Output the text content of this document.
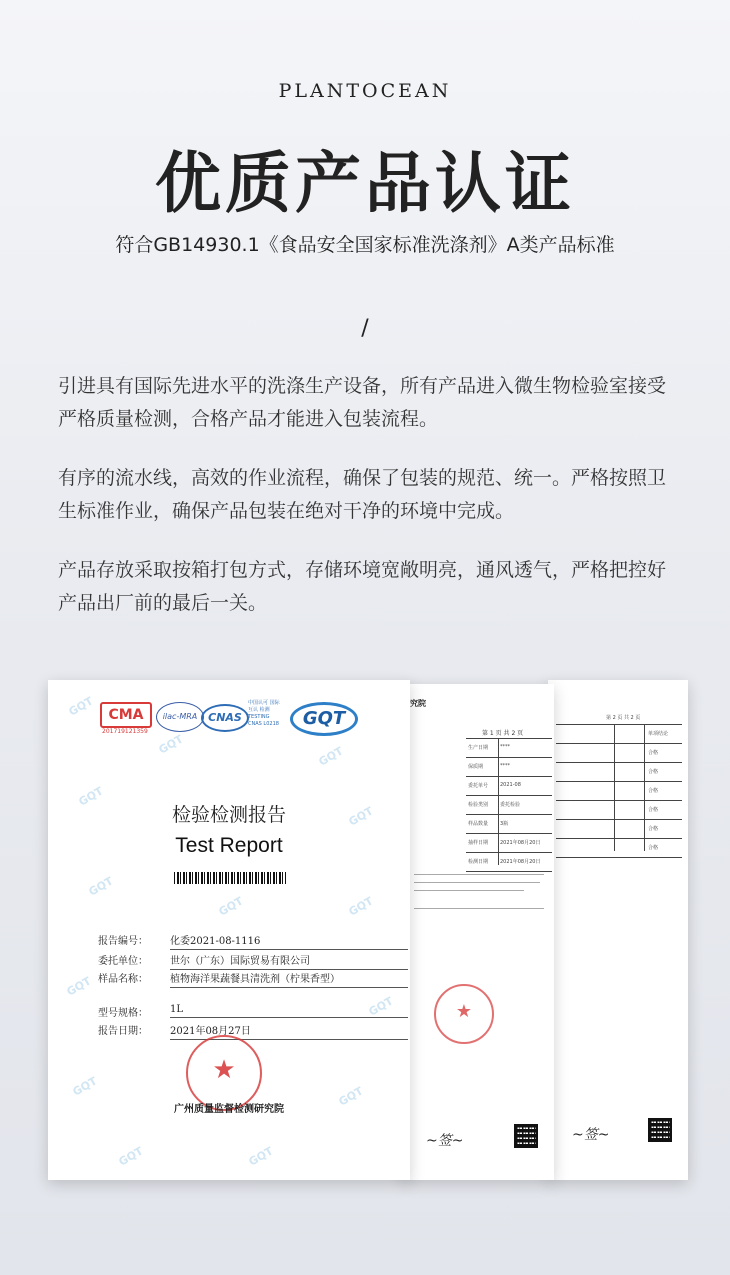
PLANTOCEAN
优质产品认证
符合GB14930.1《食品安全国家标准洗涤剂》A类产品标准
/
引进具有国际先进水平的洗涤生产设备，所有产品进入微生物检验室接受严格质量检测，合格产品才能进入包装流程。
有序的流水线，高效的作业流程，确保了包装的规范、统一。严格按照卫生标准作业，确保产品包装在绝对干净的环境中完成。
产品存放采取按箱打包方式，存储环境宽敞明亮，通风透气，严格把控好产品出厂前的最后一关。
第 2 页 共 2 页
单项结论
合格
合格
合格
合格
合格
合格
~签~
究院
第 1 页 共 2 页
生产日期 ****
保质期	****
委托单号 2021-08
检验类别 委托检验
样品数量 3瓶
抽样日期 2021年08月20日
检测日期 2021年08月20日
★
~签~
GQT
GQT	GQT
GQT
GQT
GQT
GQT	GQT
GQT
GQT
GQT	GQT
GQT	GQT
CMA
201719121359
ilac-MRA CNAS
中国认可 国际互认 检测 TESTING CNAS L0218	GQT
检验检测报告
Test Report
报告编号：	化委2021-08-1116
委托单位：	世尔（广东）国际贸易有限公司
样品名称：	植物海洋果蔬餐具清洗剂（柠果香型）
型号规格：	1L
报告日期：	2021年08月27日
★
广州质量监督检测研究院
